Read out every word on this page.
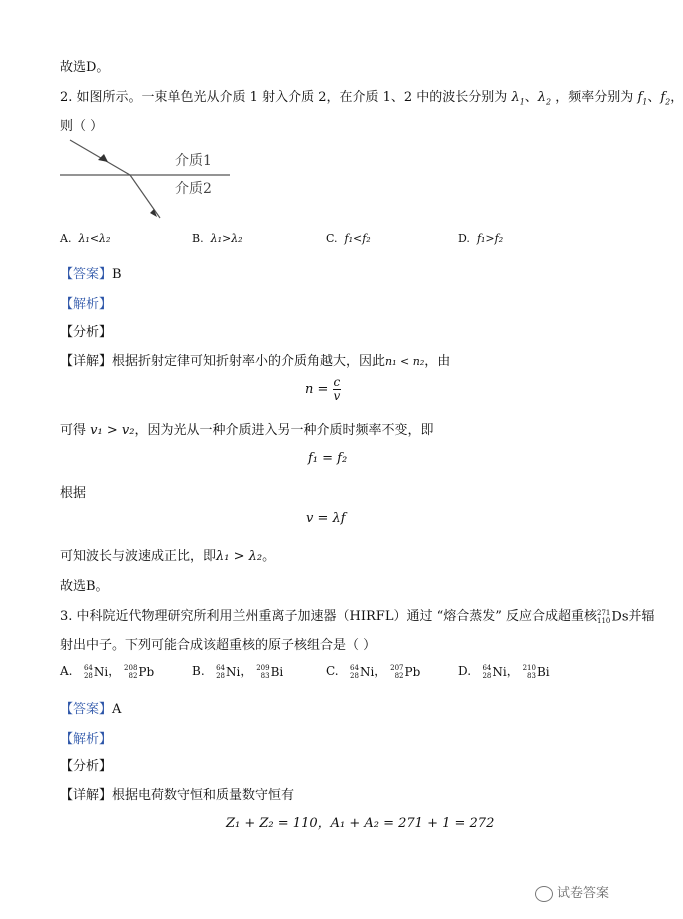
故选D。
2. 如图所示。一束单色光从介质 1 射入介质 2，在介质 1、2 中的波长分别为 $\lambda_1$、$\lambda_2$ ，频率分别为 $f_1$、$f_2$，
则（ ）
介质1
介质2
A. λ₁<λ₂	B. λ₁>λ₂	C. f₁<f₂	D. f₁>f₂
【答案】B
【解析】
【分析】
【详解】根据折射定律可知折射率小的介质角越大，因此n₁ < n₂，由
$n = \frac{c}{v}$
可得 v₁ > v₂，因为光从一种介质进入另一种介质时频率不变，即
f₁ = f₂
根据
v = λf
可知波长与波速成正比，即λ₁ > λ₂。
故选B。
3. 中科院近代物理研究所利用兰州重离子加速器（HIRFL）通过 “熔合蒸发” 反应合成超重核 271
110 Ds并辐
射出中子。下列可能合成该超重核的原子核组合是（ ）
A. 64
28 Ni， 208
82 Pb	B. 64
28 Ni， 209
83 Bi	C. 64
28 Ni， 207
82 Pb	D. 64
28 Ni， 210
83 Bi
【答案】A
【解析】
【分析】
【详解】根据电荷数守恒和质量数守恒有
Z₁ + Z₂ = 110，A₁ + A₂ = 271 + 1 = 272
试卷答案
